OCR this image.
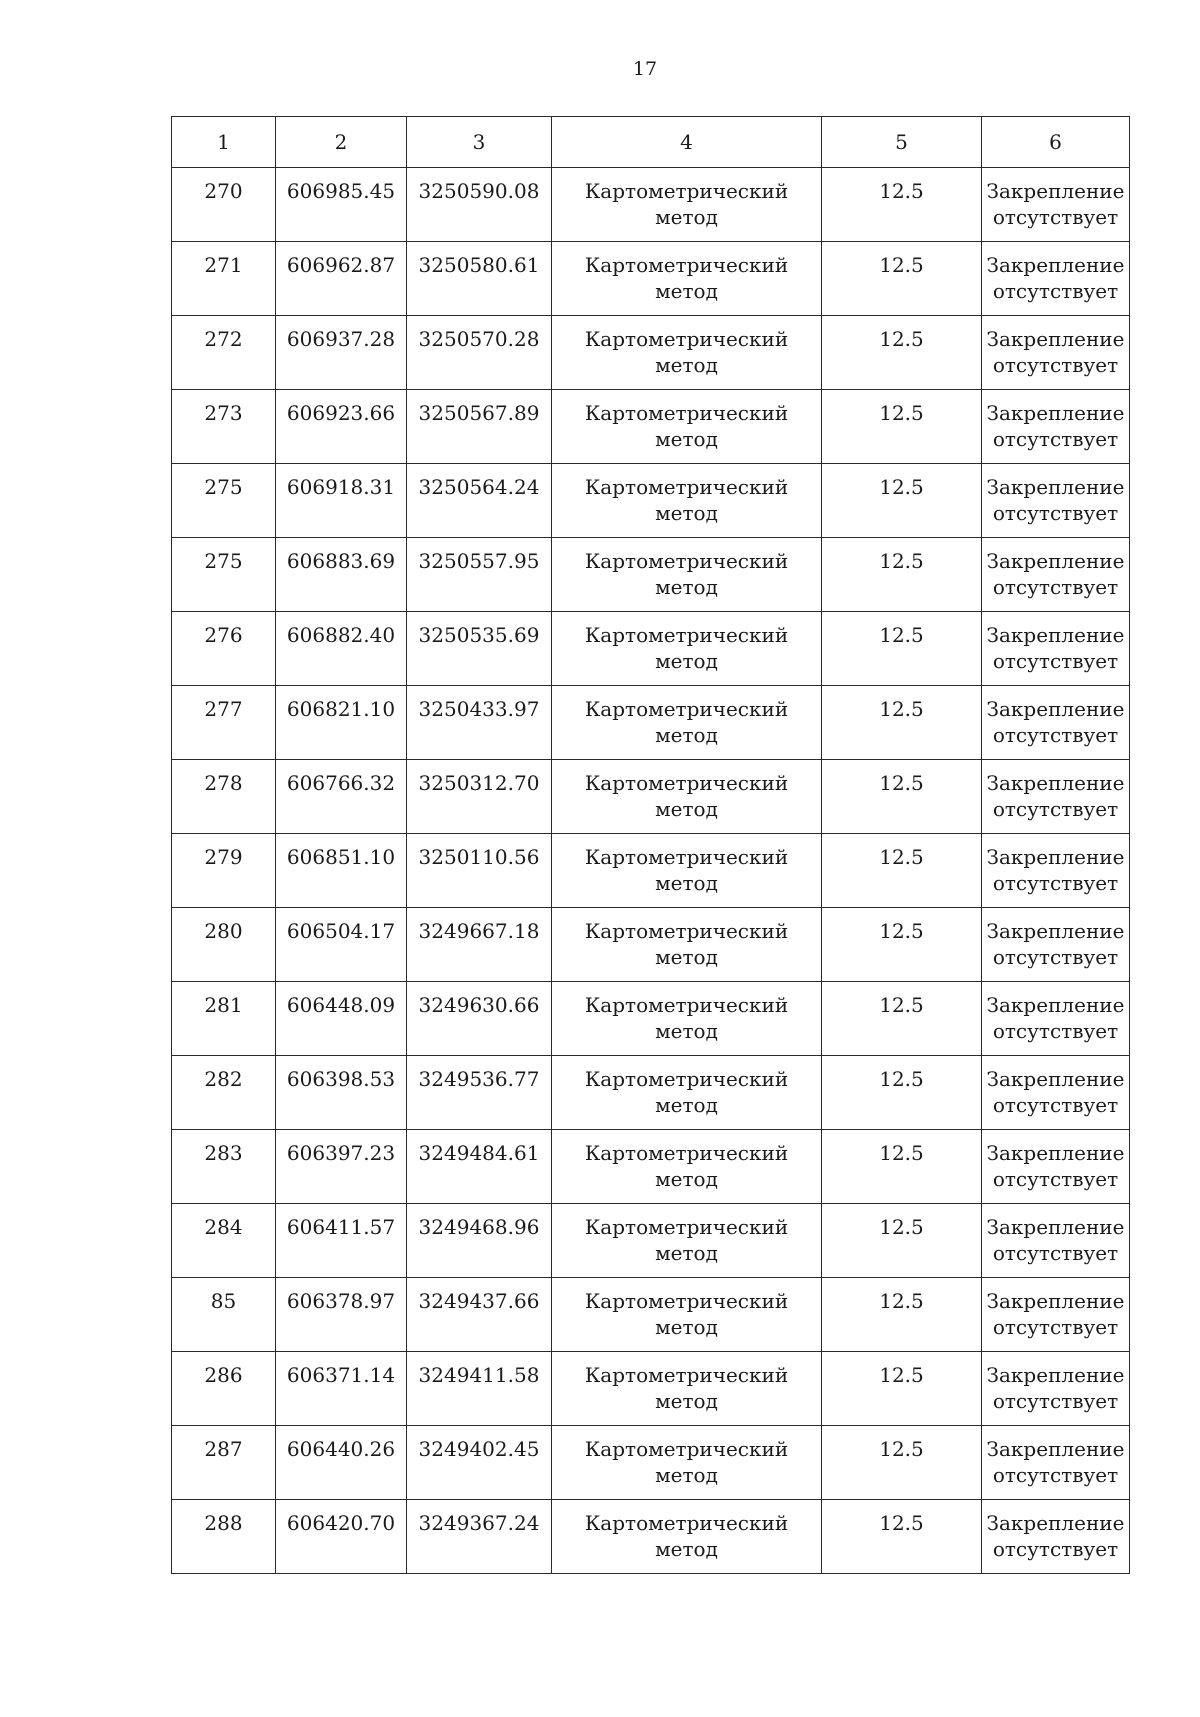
17
1	2	3	4	5	6
270	606985.45	3250590.08	Картометрический метод	12.5	Закрепление
отсутствует

271	606962.87	3250580.61	Картометрический метод	12.5	Закрепление
отсутствует

272	606937.28	3250570.28	Картометрический метод	12.5	Закрепление
отсутствует

273	606923.66	3250567.89	Картометрический метод	12.5	Закрепление
отсутствует

275	606918.31	3250564.24	Картометрический метод	12.5	Закрепление
отсутствует

275	606883.69	3250557.95	Картометрический метод	12.5	Закрепление
отсутствует

276	606882.40	3250535.69	Картометрический метод	12.5	Закрепление
отсутствует

277	606821.10	3250433.97	Картометрический метод	12.5	Закрепление
отсутствует

278	606766.32	3250312.70	Картометрический метод	12.5	Закрепление
отсутствует

279	606851.10	3250110.56	Картометрический метод	12.5	Закрепление
отсутствует

280	606504.17	3249667.18	Картометрический метод	12.5	Закрепление
отсутствует

281	606448.09	3249630.66	Картометрический метод	12.5	Закрепление
отсутствует

282	606398.53	3249536.77	Картометрический метод	12.5	Закрепление
отсутствует

283	606397.23	3249484.61	Картометрический метод	12.5	Закрепление
отсутствует

284	606411.57	3249468.96	Картометрический метод	12.5	Закрепление
отсутствует

85	606378.97	3249437.66	Картометрический метод	12.5	Закрепление
отсутствует

286	606371.14	3249411.58	Картометрический метод	12.5	Закрепление
отсутствует

287	606440.26	3249402.45	Картометрический метод	12.5	Закрепление
отсутствует

288	606420.70	3249367.24	Картометрический метод	12.5	Закрепление
отсутствует
